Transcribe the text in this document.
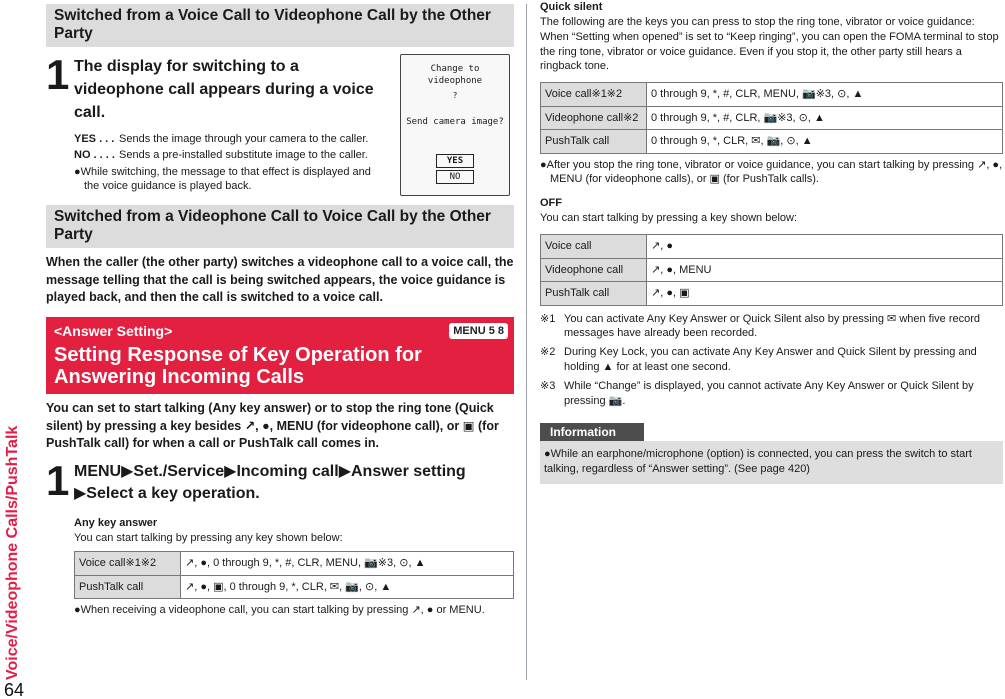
Voice/Videophone Calls/PushTalk
64
Switched from a Voice Call to Videophone Call by the Other Party
1 The display for switching to a videophone call appears during a voice call.
YES . . . Sends the image through your camera to the caller.
NO . . . . Sends a pre-installed substitute image to the caller.
●While switching, the message to that effect is displayed and the voice guidance is played back.
Switched from a Videophone Call to Voice Call by the Other Party
When the caller (the other party) switches a videophone call to a voice call, the message telling that the call is being switched appears, the voice guidance is played back, and then the call is switched to a voice call.
<Answer Setting>
Setting Response of Key Operation for Answering Incoming Calls
MENU 5 8
You can set to start talking (Any key answer) or to stop the ring tone (Quick silent) by pressing a key besides ↗, ●, MENU (for videophone call), or ▣ (for PushTalk call) for when a call or PushTalk call comes in.
1 MENU▶Set./Service▶Incoming call▶Answer setting ▶Select a key operation.
Any key answer
You can start talking by pressing any key shown below:
Voice call※1※2	↗, ●, 0 through 9, *, #, CLR, MENU, 📷※3, ⊙, ▲
PushTalk call	↗, ●, ▣, 0 through 9, *, CLR, ✉, 📷, ⊙, ▲
●When receiving a videophone call, you can start talking by pressing ↗, ● or MENU.
Change to videophone
?
Send camera image?
YES
NO
Quick silent
The following are the keys you can press to stop the ring tone, vibrator or voice guidance:
When “Setting when opened” is set to “Keep ringing”, you can open the FOMA terminal to stop the ring tone, vibrator or voice guidance. Even if you stop it, the other party still hears a ringback tone.
Voice call※1※2	0 through 9, *, #, CLR, MENU, 📷※3, ⊙, ▲
Videophone call※2	0 through 9, *, #, CLR, 📷※3, ⊙, ▲
PushTalk call	0 through 9, *, CLR, ✉, 📷, ⊙, ▲
●After you stop the ring tone, vibrator or voice guidance, you can start talking by pressing ↗, ●, MENU (for videophone calls), or ▣ (for PushTalk calls).
OFF
You can start talking by pressing a key shown below:
Voice call	↗, ●
Videophone call	↗, ●, MENU
PushTalk call	↗, ●, ▣
※1 You can activate Any Key Answer or Quick Silent also by pressing ✉ when five record messages have already been recorded.
※2 During Key Lock, you can activate Any Key Answer and Quick Silent by pressing and holding ▲ for at least one second.
※3 While “Change” is displayed, you cannot activate Any Key Answer or Quick Silent by pressing 📷.
Information
●While an earphone/microphone (option) is connected, you can press the switch to start talking, regardless of “Answer setting”. (See page 420)
